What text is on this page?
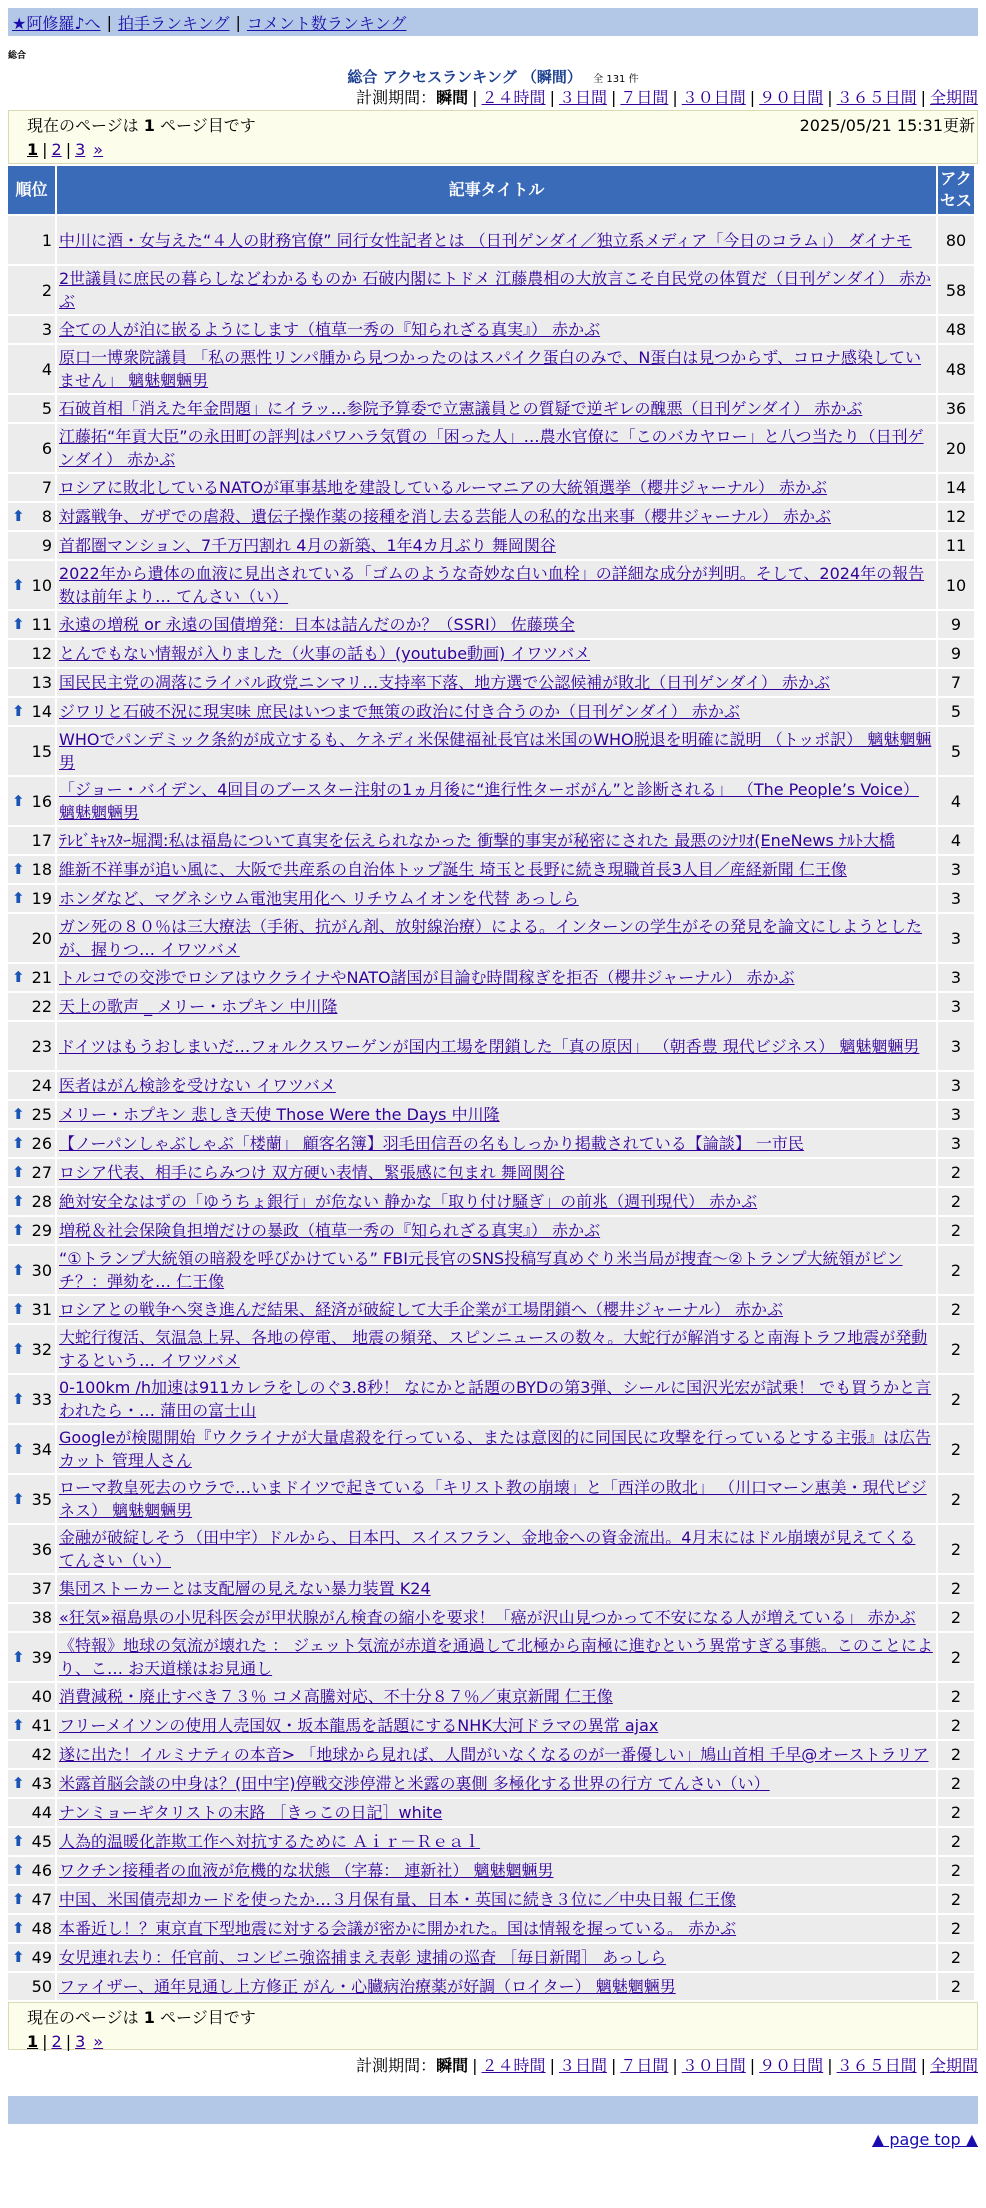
★阿修羅♪へ | 拍手ランキング | コメント数ランキング
総合
総合 アクセスランキング （瞬間） 全 131 件
計測期間：瞬間 | ２４時間 | ３日間 | ７日間 | ３０日間 | ９０日間 | ３６５日間 | 全期間
現在のページは 1 ページ目です	2025/05/21 15:31更新
1 | 2 | 3 »
順位	記事タイトル	アクセス
1	中川に酒・女与えた“４人の財務官僚” 同行女性記者とは （日刊ゲンダイ／独立系メディア「今日のコラム」） ダイナモ	80
2	2世議員に庶民の暮らしなどわかるものか 石破内閣にトドメ 江藤農相の大放言こそ自民党の体質だ（日刊ゲンダイ） 赤かぶ	58
3	全ての人が泊に嵌るようにします（植草一秀の『知られざる真実』） 赤かぶ	48
4	原口一博衆院議員 「私の悪性リンパ腫から見つかったのはスパイク蛋白のみで、N蛋白は見つからず、コロナ感染していません」 魑魅魍魎男	48
5	石破首相「消えた年金問題」にイラッ…参院予算委で立憲議員との質疑で逆ギレの醜悪（日刊ゲンダイ） 赤かぶ	36
6	江藤拓“年貢大臣”の永田町の評判はパワハラ気質の「困った人」…農水官僚に「このバカヤロー」と八つ当たり（日刊ゲンダイ） 赤かぶ	20
7	ロシアに敗北しているNATOが軍事基地を建設しているルーマニアの大統領選挙（櫻井ジャーナル） 赤かぶ	14

⬆ 8	対露戦争、ガザでの虐殺、遺伝子操作薬の接種を消し去る芸能人の私的な出来事（櫻井ジャーナル） 赤かぶ	12
9	首都圏マンション、7千万円割れ 4月の新築、1年4カ月ぶり 舞岡関谷	11

⬆ 10	2022年から遺体の血液に見出されている「ゴムのような奇妙な白い血栓」の詳細な成分が判明。そして、2024年の報告数は前年より… てんさい（い）	10

⬆ 11	永遠の増税 or 永遠の国債増発：日本は詰んだのか？（SSRI） 佐藤瑛全	9
12	とんでもない情報が入りました（火事の話も）(youtube動画) イワツバメ	9
13	国民民主党の凋落にライバル政党ニンマリ…支持率下落、地方選で公認候補が敗北（日刊ゲンダイ） 赤かぶ	7

⬆ 14	ジワリと石破不況に現実味 庶民はいつまで無策の政治に付き合うのか（日刊ゲンダイ） 赤かぶ	5
15	WHOでパンデミック条約が成立するも、ケネディ米保健福祉長官は米国のWHO脱退を明確に説明 （トッポ訳） 魑魅魍魎男	5

⬆ 16	「ジョー・バイデン、4回目のブースター注射の1ヵ月後に“進行性ターボがん”と診断される」 （The People’s Voice） 魑魅魍魎男	4
17	ﾃﾚﾋﾞｷｬｽﾀｰ堀潤:私は福島について真実を伝えられなかった 衝撃的事実が秘密にされた 最悪のｼﾅﾘｵ(EneNews ﾅﾙﾄ大橋	4

⬆ 18	維新不祥事が追い風に、大阪で共産系の自治体トップ誕生 埼玉と長野に続き現職首長3人目／産経新聞 仁王像	3

⬆ 19	ホンダなど、マグネシウム電池実用化へ リチウムイオンを代替 あっしら	3
20	ガン死の８０％は三大療法（手術、抗がん剤、放射線治療）による。インターンの学生がその発見を論文にしようとしたが、握りつ… イワツバメ	3

⬆ 21	トルコでの交渉でロシアはウクライナやNATO諸国が目論む時間稼ぎを拒否（櫻井ジャーナル） 赤かぶ	3
22	天上の歌声 _ メリー・ホプキン 中川隆	3
23	ドイツはもうおしまいだ…フォルクスワーゲンが国内工場を閉鎖した「真の原因」 （朝香豊 現代ビジネス） 魑魅魍魎男	3
24	医者はがん検診を受けない イワツバメ	3

⬆ 25	メリー・ホプキン 悲しき天使 Those Were the Days 中川隆	3

⬆ 26	【ノーパンしゃぶしゃぶ「楼蘭」 顧客名簿】羽毛田信吾の名もしっかり掲載されている【論談】 一市民	3

⬆ 27	ロシア代表、相手にらみつけ 双方硬い表情、緊張感に包まれ 舞岡関谷	2

⬆ 28	絶対安全なはずの「ゆうちょ銀行」が危ない 静かな「取り付け騒ぎ」の前兆（週刊現代） 赤かぶ	2

⬆ 29	増税＆社会保険負担増だけの暴政（植草一秀の『知られざる真実』） 赤かぶ	2

⬆ 30	“①トランプ大統領の暗殺を呼びかけている” FBI元長官のSNS投稿写真めぐり米当局が捜査～②トランプ大統領がピンチ？：弾劾を… 仁王像	2

⬆ 31	ロシアとの戦争へ突き進んだ結果、経済が破綻して大手企業が工場閉鎖へ（櫻井ジャーナル） 赤かぶ	2

⬆ 32	大蛇行復活、気温急上昇、各地の停電、 地震の頻発、スピンニュースの数々。大蛇行が解消すると南海トラフ地震が発動するという… イワツバメ	2

⬆ 33	0-100km /h加速は911カレラをしのぐ3.8秒！ なにかと話題のBYDの第3弾、シールに国沢光宏が試乗！ でも買うかと言われたら・… 蒲田の富士山	2

⬆ 34	Googleが検閲開始『ウクライナが大量虐殺を行っている、または意図的に同国民に攻撃を行っているとする主張』は広告カット 管理人さん	2

⬆ 35	ローマ教皇死去のウラで…いまドイツで起きている「キリスト教の崩壊」と「西洋の敗北」 （川口マーン惠美・現代ビジネス） 魑魅魍魎男	2
36	金融が破綻しそう（田中宇）ドルから、日本円、スイスフラン、金地金への資金流出。4月末にはドル崩壊が見えてくる てんさい（い）	2
37	集団ストーカーとは支配層の見えない暴力装置 K24	2
38	«狂気»福島県の小児科医会が甲状腺がん検査の縮小を要求！「癌が沢山見つかって不安になる人が増えている」 赤かぶ	2

⬆ 39	《特報》地球の気流が壊れた ： ジェット気流が赤道を通過して北極から南極に進むという異常すぎる事態。このことにより、こ… お天道様はお見通し	2
40	消費減税・廃止すべき７３％ コメ高騰対応、不十分８７％／東京新聞 仁王像	2

⬆ 41	フリーメイソンの使用人売国奴・坂本龍馬を話題にするNHK大河ドラマの異常 ajax	2
42	遂に出た！イルミナティの本音> 「地球から見れば、人間がいなくなるのが一番優しい」鳩山首相 千早@オーストラリア	2

⬆ 43	米露首脳会談の中身は？(田中宇)停戦交渉停滞と米露の裏側 多極化する世界の行方 てんさい（い）	2
44	ナンミョーギタリストの末路 ［きっこの日記］white	2

⬆ 45	人為的温暖化詐欺工作へ対抗するために Ａｉｒ－Ｒｅａｌ	2

⬆ 46	ワクチン接種者の血液が危機的な状態 （字幕： 連新社） 魑魅魍魎男	2

⬆ 47	中国、米国債売却カードを使ったか…３月保有量、日本・英国に続き３位に／中央日報 仁王像	2

⬆ 48	本番近し！？東京直下型地震に対する会議が密かに開かれた。国は情報を握っている。 赤かぶ	2

⬆ 49	女児連れ去り：任官前、コンビニ強盗捕まえ表彰 逮捕の巡査 ［毎日新聞］ あっしら	2
50	ファイザー、通年見通し上方修正 がん・心臓病治療薬が好調（ロイター） 魑魅魍魎男	2
現在のページは 1 ページ目です
1 | 2 | 3 »
計測期間：瞬間 | ２４時間 | ３日間 | ７日間 | ３０日間 | ９０日間 | ３６５日間 | 全期間
▲ page top ▲
